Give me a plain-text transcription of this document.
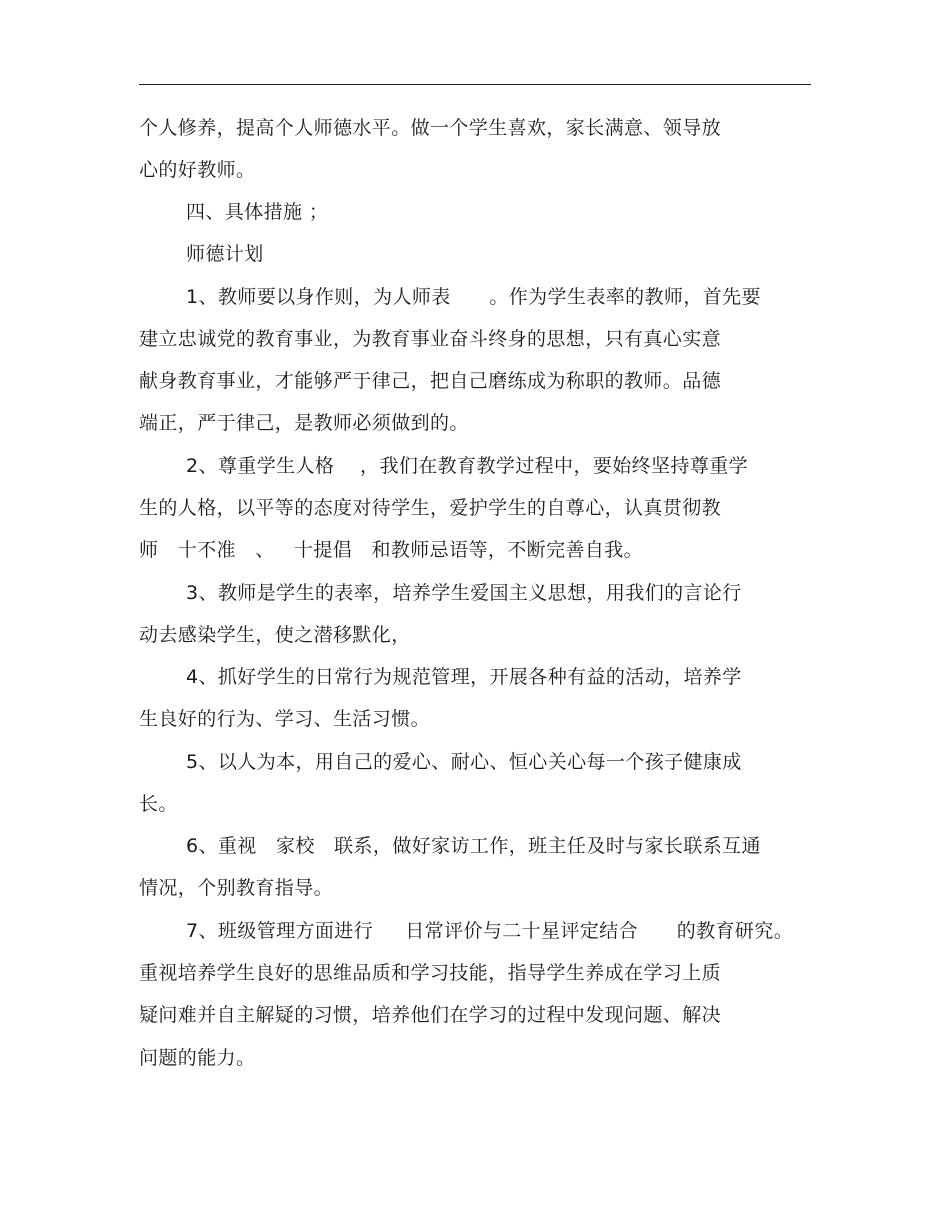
个人修养，提高个人师德水平。做一个学生喜欢，家长满意、领导放
心的好教师。
四、具体措施 ；
师德计划
1、教师要以身作则，为人师表      。作为学生表率的教师，首先要
建立忠诚党的教育事业，为教育事业奋斗终身的思想，只有真心实意
献身教育事业，才能够严于律己，把自己磨练成为称职的教师。品德
端正，严于律己，是教师必须做到的。
2、尊重学生人格    ，我们在教育教学过程中，要始终坚持尊重学
生的人格，以平等的态度对待学生，爱护学生的自尊心，认真贯彻教
师   十不准   、   十提倡   和教师忌语等，不断完善自我。
3、教师是学生的表率，培养学生爱国主义思想，用我们的言论行
动去感染学生，使之潜移默化，
4、抓好学生的日常行为规范管理，开展各种有益的活动，培养学
生良好的行为、学习、生活习惯。
5、以人为本，用自己的爱心、耐心、恒心关心每一个孩子健康成
长。
6、重视   家校   联系，做好家访工作，班主任及时与家长联系互通
情况，个别教育指导。
7、班级管理方面进行     日常评价与二十星评定结合      的教育研究。
重视培养学生良好的思维品质和学习技能，指导学生养成在学习上质
疑问难并自主解疑的习惯，培养他们在学习的过程中发现问题、解决
问题的能力。
